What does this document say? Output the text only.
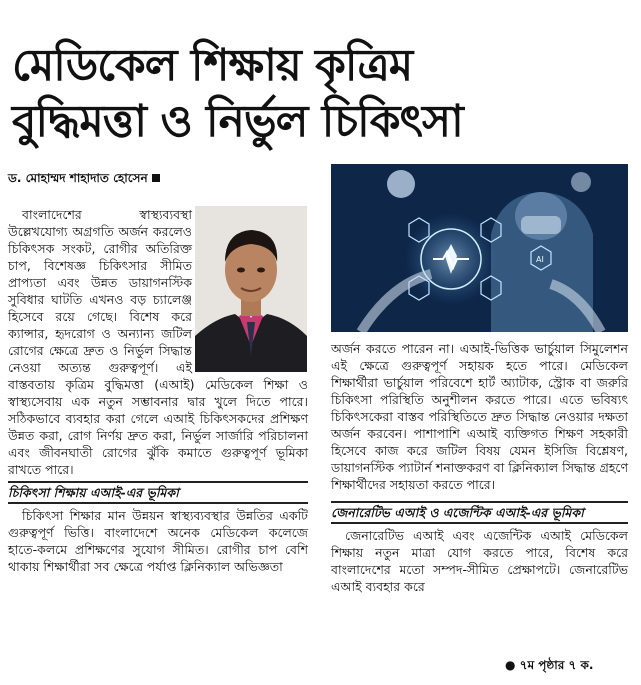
মেডিকেল শিক্ষায় কৃত্রিম
বুদ্ধিমত্তা ও নির্ভুল চিকিৎসা
ড. মোহাম্মদ শাহাদাত হোসেন

বাংলাদেশের স্বাস্থ্যব্যবস্থা উল্লেখযোগ্য অগ্রগতি অর্জন করলেও চিকিৎসক সংকট, রোগীর অতিরিক্ত চাপ, বিশেষজ্ঞ চিকিৎসার সীমিত প্রাপ্যতা এবং উন্নত ডায়াগনস্টিক সুবিধার ঘাটতি এখনও বড় চ্যালেঞ্জ হিসেবে রয়ে গেছে। বিশেষ করে ক্যান্সার, হৃদরোগ ও অন্যান্য জটিল রোগের ক্ষেত্রে দ্রুত ও নির্ভুল সিদ্ধান্ত নেওয়া অত্যন্ত গুরুত্বপূর্ণ। এই বাস্তবতায় কৃত্রিম বুদ্ধিমত্তা (এআই) মেডিকেল শিক্ষা ও স্বাস্থ্যসেবায় এক নতুন সম্ভাবনার দ্বার খুলে দিতে পারে। সঠিকভাবে ব্যবহার করা গেলে এআই চিকিৎসকদের প্রশিক্ষণ উন্নত করা, রোগ নির্ণয় দ্রুত করা, নির্ভুল সার্জারি পরিচালনা এবং জীবনঘাতী রোগের ঝুঁকি কমাতে গুরুত্বপূর্ণ ভূমিকা রাখতে পারে।

চিকিৎসা শিক্ষায় এআই-এর ভূমিকা

চিকিৎসা শিক্ষার মান উন্নয়ন স্বাস্থ্যব্যবস্থার উন্নতির একটি গুরুত্বপূর্ণ ভিত্তি। বাংলাদেশে অনেক মেডিকেল কলেজে হাতে-কলমে প্রশিক্ষণের সুযোগ সীমিত। রোগীর চাপ বেশি থাকায় শিক্ষার্থীরা সব ক্ষেত্রে পর্যাপ্ত ক্লিনিক্যাল অভিজ্ঞতা

AI

অর্জন করতে পারেন না। এআই-ভিত্তিক ভার্চুয়াল সিমুলেশন এই ক্ষেত্রে গুরুত্বপূর্ণ সহায়ক হতে পারে। মেডিকেল শিক্ষার্থীরা ভার্চুয়াল পরিবেশে হার্ট অ্যাটাক, স্ট্রোক বা জরুরি চিকিৎসা পরিস্থিতি অনুশীলন করতে পারে। এতে ভবিষ্যৎ চিকিৎসকেরা বাস্তব পরিস্থিতিতে দ্রুত সিদ্ধান্ত নেওয়ার দক্ষতা অর্জন করবেন। পাশাপাশি এআই ব্যক্তিগত শিক্ষণ সহকারী হিসেবে কাজ করে জটিল বিষয় যেমন ইসিজি বিশ্লেষণ, ডায়াগনস্টিক প্যাটার্ন শনাক্তকরণ বা ক্লিনিক্যাল সিদ্ধান্ত গ্রহণে শিক্ষার্থীদের সহায়তা করতে পারে।

জেনারেটিভ এআই ও এজেন্টিক এআই-এর ভূমিকা

জেনারেটিভ এআই এবং এজেন্টিক এআই মেডিকেল শিক্ষায় নতুন মাত্রা যোগ করতে পারে, বিশেষ করে বাংলাদেশের মতো সম্পদ-সীমিত প্রেক্ষাপটে। জেনারেটিভ এআই ব্যবহার করে

● ৭ম পৃষ্ঠার ৭ ক.
